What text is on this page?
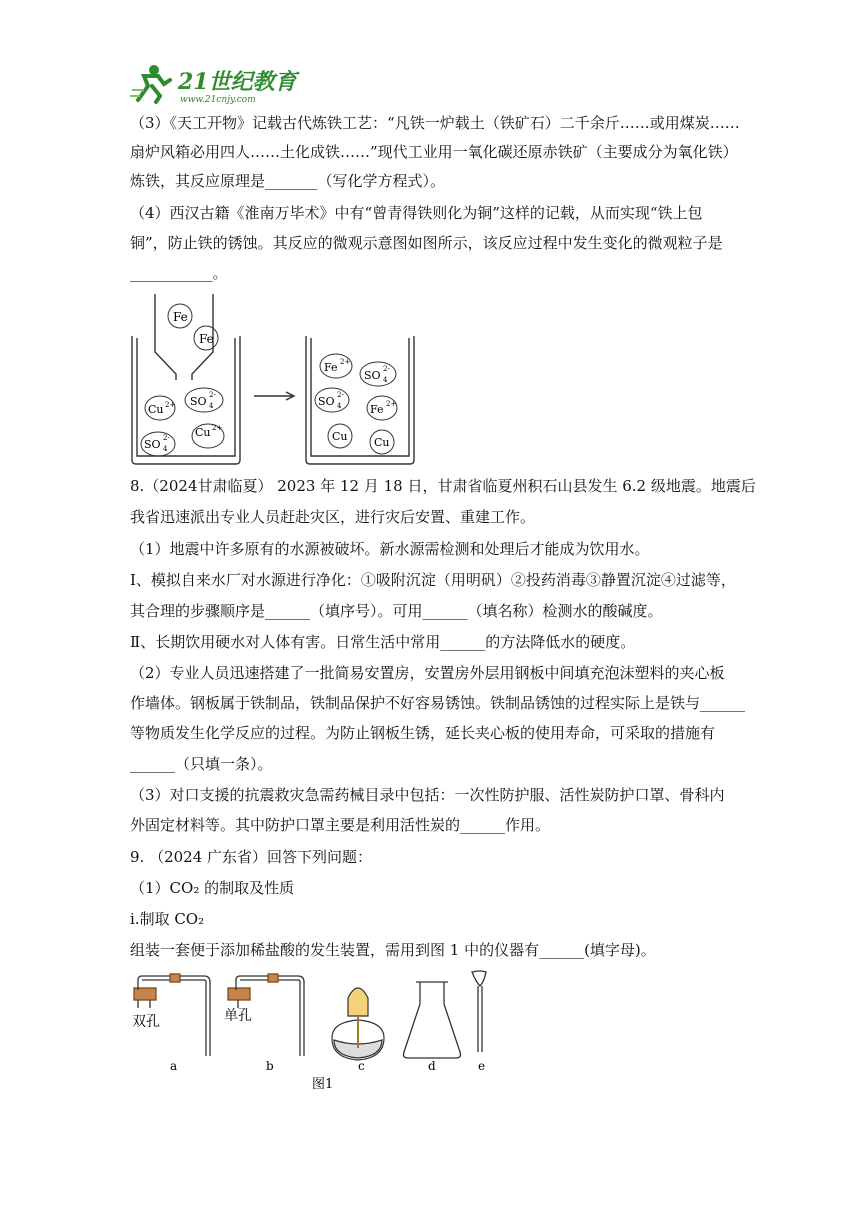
21世纪教育
www.21cnjy.com
（3）《天工开物》记载古代炼铁工艺：“凡铁一炉载土（铁矿石）二千余斤……或用煤炭……
扇炉风箱必用四人……土化成铁……”现代工业用一氧化碳还原赤铁矿（主要成分为氧化铁）
炼铁，其反应原理是_______（写化学方程式）。
（4）西汉古籍《淮南万毕术》中有“曾青得铁则化为铜”这样的记载，从而实现“铁上包
铜”，防止铁的锈蚀。其反应的微观示意图如图所示，该反应过程中发生变化的微观粒子是
___________。
Fe
Fe
Cu 2+
Cu 2+
SO 4
2-
SO 4
2-
Fe 2+
Fe 2+
SO 4
2-
SO 4
2-
Cu Cu
8.（2024甘肃临夏） 2023 年 12 月 18 日，甘肃省临夏州积石山县发生 6.2 级地震。地震后
我省迅速派出专业人员赶赴灾区，进行灾后安置、重建工作。
（1）地震中许多原有的水源被破坏。新水源需检测和处理后才能成为饮用水。
Ⅰ、模拟自来水厂对水源进行净化：①吸附沉淀（用明矾）②投药消毒③静置沉淀④过滤等，
其合理的步骤顺序是______（填序号）。可用______（填名称）检测水的酸碱度。
Ⅱ、长期饮用硬水对人体有害。日常生活中常用______的方法降低水的硬度。
（2）专业人员迅速搭建了一批简易安置房，安置房外层用钢板中间填充泡沫塑料的夹心板
作墙体。钢板属于铁制品，铁制品保护不好容易锈蚀。铁制品锈蚀的过程实际上是铁与______
等物质发生化学反应的过程。为防止钢板生锈，延长夹心板的使用寿命，可采取的措施有
______（只填一条）。
（3）对口支援的抗震救灾急需药械目录中包括：一次性防护服、活性炭防护口罩、骨科内
外固定材料等。其中防护口罩主要是利用活性炭的______作用。
9. （2024 广东省）回答下列问题：
（1）CO₂ 的制取及性质
i.制取 CO₂
组装一套便于添加稀盐酸的发生装置，需用到图 1 中的仪器有______(填字母)。
双孔	单孔
a	b	c	d	e
图1
